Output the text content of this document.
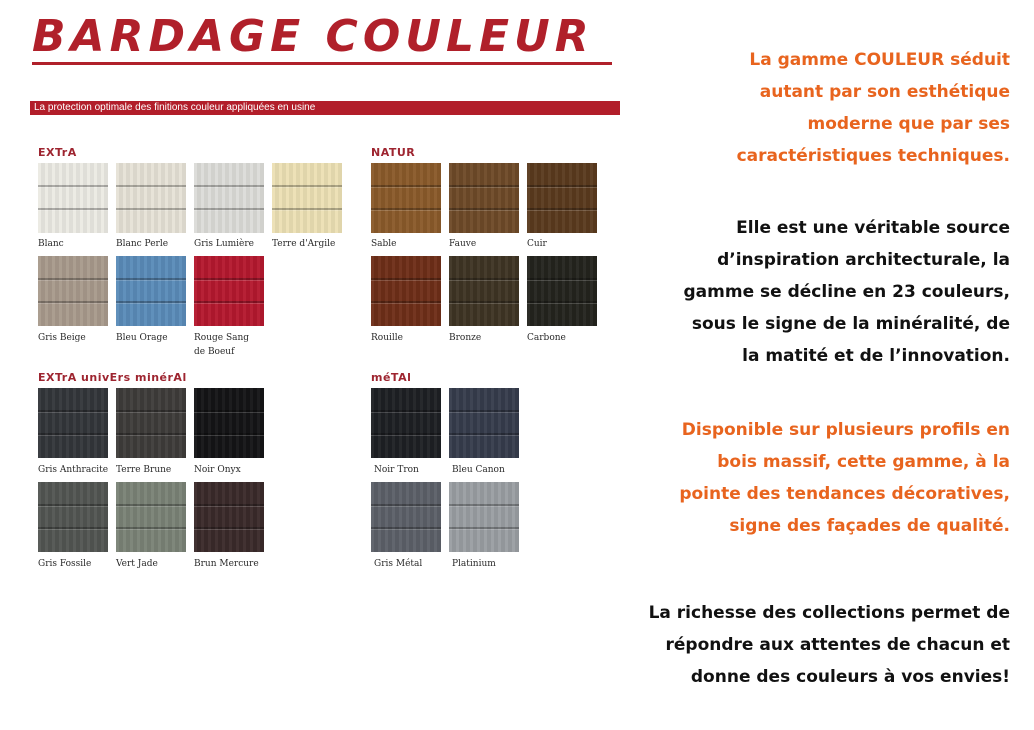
BARDAGE COULEUR
La protection optimale des finitions couleur appliquées en usine
EXTrA
Blanc	Blanc Perle	Gris Lumière	Terre d'Argile
Gris Beige	Bleu Orage	Rouge Sang de Boeuf
NATUR
Sable	Fauve	Cuir
Rouille	Bronze	Carbone
EXTrA univErs minérAl
Gris Anthracite Terre Brune	Noir Onyx
Gris Fossile	Vert Jade	Brun Mercure
méTAl
Noir Tron	Bleu Canon
Gris Métal	Platinium
La gamme COULEUR séduit
autant par son esthétique
moderne que par ses
caractéristiques techniques.
Elle est une véritable source
d’inspiration architecturale, la
gamme se décline en 23 couleurs,
sous le signe de la minéralité, de
la matité et de l’innovation.
Disponible sur plusieurs profils en
bois massif, cette gamme, à la
pointe des tendances décoratives,
signe des façades de qualité.
La richesse des collections permet de
répondre aux attentes de chacun et
donne des couleurs à vos envies!
